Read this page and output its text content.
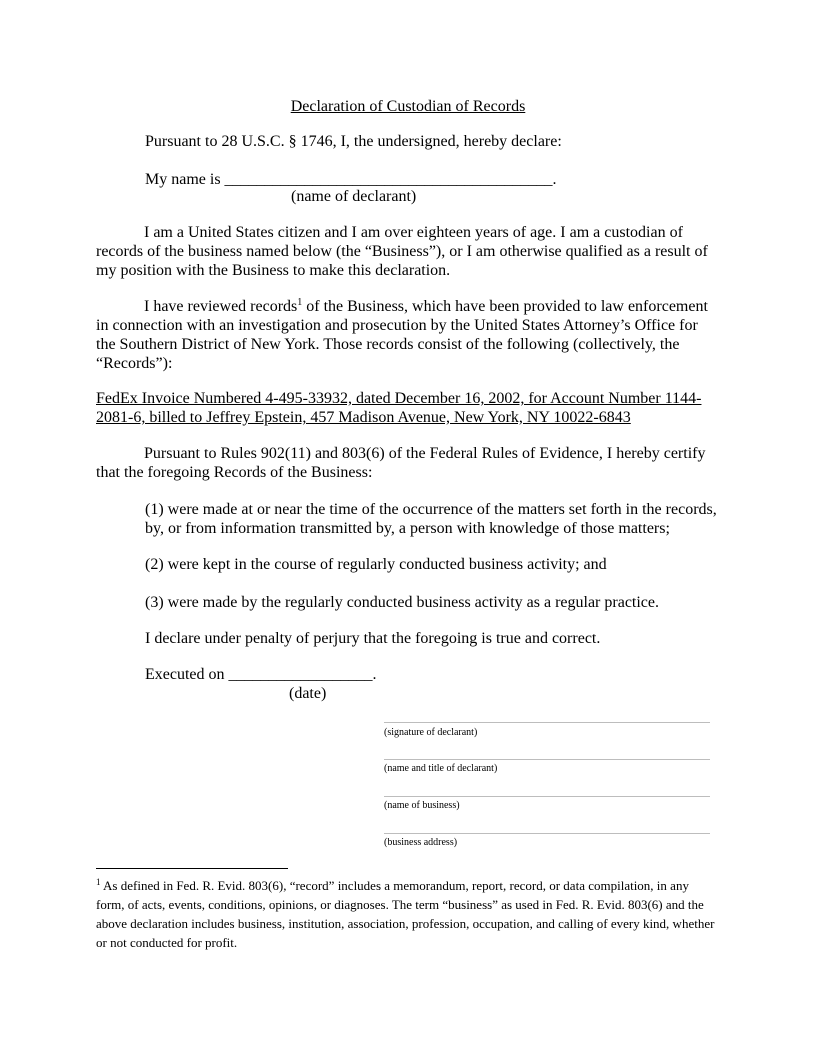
Declaration of Custodian of Records
Pursuant to 28 U.S.C. § 1746, I, the undersigned, hereby declare:
My name is _________________________________________.
(name of declarant)
I am a United States citizen and I am over eighteen years of age. I am a custodian of records of the business named below (the “Business”), or I am otherwise qualified as a result of my position with the Business to make this declaration.
I have reviewed records$^1$ of the Business, which have been provided to law enforcement in connection with an investigation and prosecution by the United States Attorney’s Office for the Southern District of New York. Those records consist of the following (collectively, the “Records”):
FedEx Invoice Numbered 4-495-33932, dated December 16, 2002, for Account Number 1144-2081-6, billed to Jeffrey Epstein, 457 Madison Avenue, New York, NY 10022-6843
Pursuant to Rules 902(11) and 803(6) of the Federal Rules of Evidence, I hereby certify that the foregoing Records of the Business:
(1) were made at or near the time of the occurrence of the matters set forth in the records, by, or from information transmitted by, a person with knowledge of those matters;
(2) were kept in the course of regularly conducted business activity; and
(3) were made by the regularly conducted business activity as a regular practice.
I declare under penalty of perjury that the foregoing is true and correct.
Executed on __________________.
(date)
(signature of declarant)
(name and title of declarant)
(name of business)
(business address)
$^1$ As defined in Fed. R. Evid. 803(6), “record” includes a memorandum, report, record, or data compilation, in any form, of acts, events, conditions, opinions, or diagnoses. The term “business” as used in Fed. R. Evid. 803(6) and the above declaration includes business, institution, association, profession, occupation, and calling of every kind, whether or not conducted for profit.
